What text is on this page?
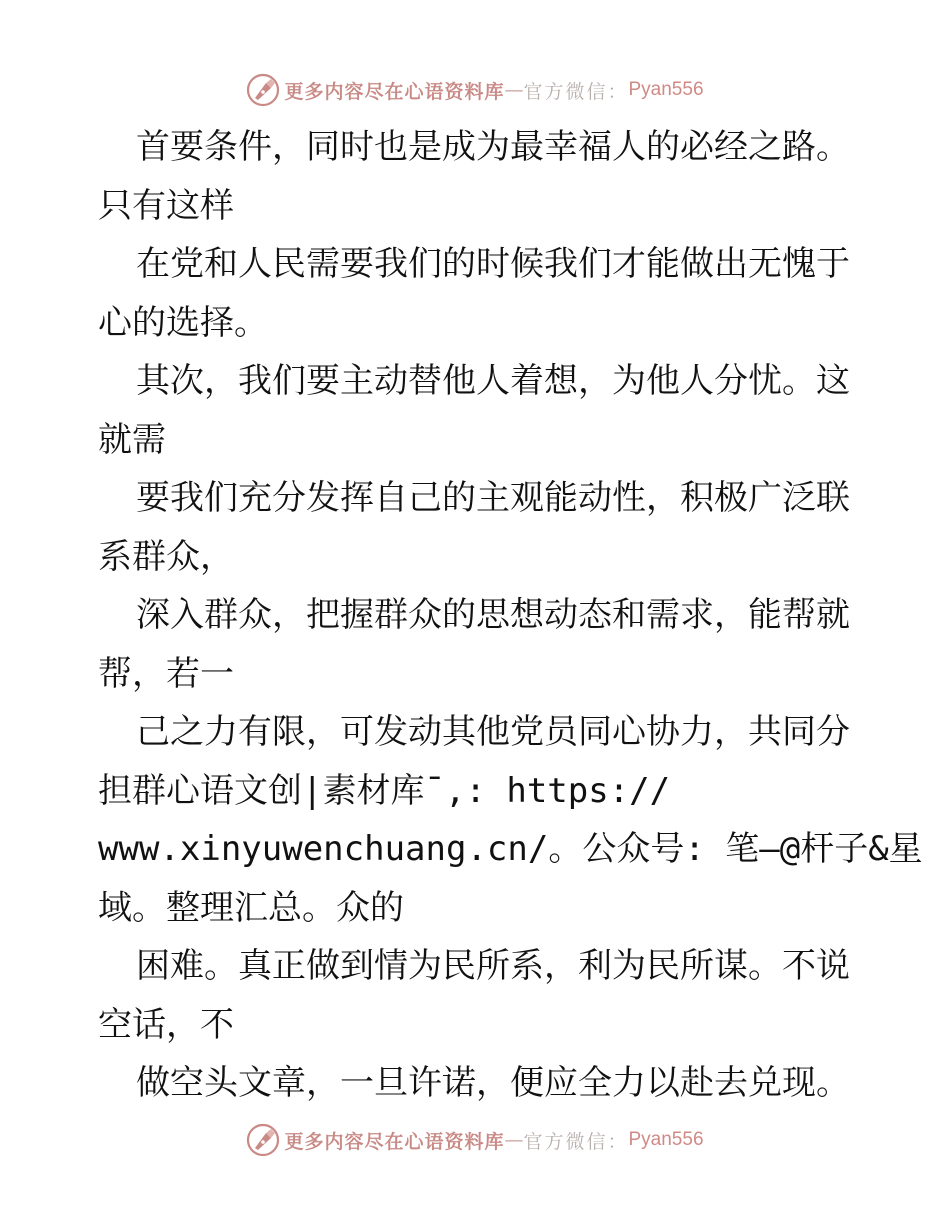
更多内容尽在心语资料库 — 官方微信： Pyan556
首要条件，同时也是成为最幸福人的必经之路。
只有这样
在党和人民需要我们的时候我们才能做出无愧于
心的选择。
其次，我们要主动替他人着想，为他人分忧。这
就需
要我们充分发挥自己的主观能动性，积极广泛联
系群众，
深入群众，把握群众的思想动态和需求，能帮就
帮，若一
己之力有限，可发动其他党员同心协力，共同分
担群心语文创|素材库¯,: https://
www.xinyuwenchuang.cn/。公众号: 笔—@杆子&星
域。整理汇总。众的
困难。真正做到情为民所系，利为民所谋。不说
空话，不
做空头文章，一旦许诺，便应全力以赴去兑现。
更多内容尽在心语资料库 — 官方微信： Pyan556
